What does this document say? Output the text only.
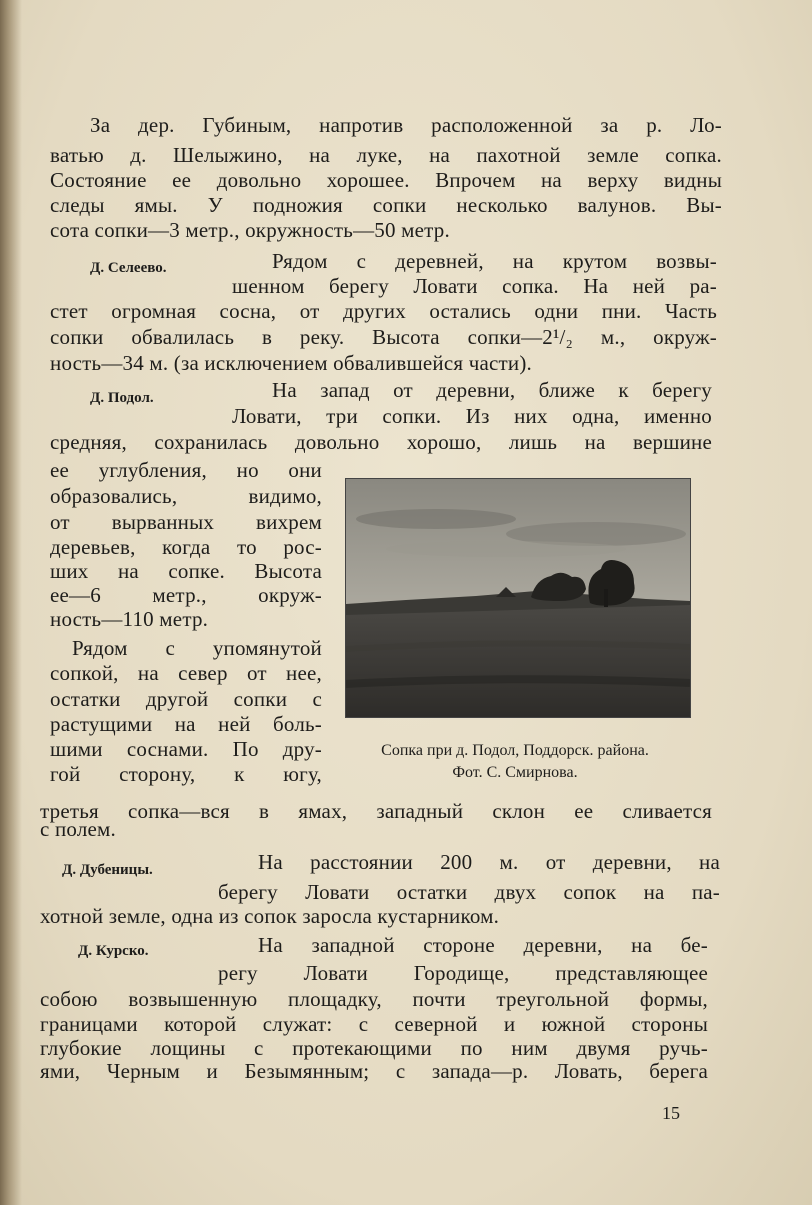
За дер. Губиным, напротив расположенной за р. Ло-
ватью д. Шелыжино, на луке, на пахотной земле сопка.
Состояние ее довольно хорошее. Впрочем на верху видны
следы ямы. У подножия сопки несколько валунов. Вы-
сота сопки—3 метр., окружность—50 метр.
Д. Селеево.	Рядом с деревней, на крутом возвы-
шенном берегу Ловати сопка. На ней ра-
стет огромная сосна, от других остались одни пни. Часть
сопки обвалилась в реку. Высота сопки—2¹/₂ м., окруж-
ность—34 м. (за исключением обвалившейся части).
Д. Подол.	На запад от деревни, ближе к берегу
Ловати, три сопки. Из них одна, именно
средняя, сохранилась довольно хорошо, лишь на вершине
ее углубления, но они
образовались, видимо,
от вырванных вихрем
деревьев, когда то рос-
ших на сопке. Высота
ее—6 метр., окруж-
ность—110 метр.
Рядом с упомянутой
сопкой, на север от нее,
остатки другой сопки с
растущими на ней боль-
шими соснами. По дру-
гой сторону, к югу,
Сопка при д. Подол, Поддорск. района.
Фот. С. Смирнова.
третья сопка—вся в ямах, западный склон ее сливается
с полем.
Д. Дубеницы.	На расстоянии 200 м. от деревни, на
берегу Ловати остатки двух сопок на па-
хотной земле, одна из сопок заросла кустарником.
Д. Курско.	На западной стороне деревни, на бе-
регу Ловати Городище, представляющее
собою возвышенную площадку, почти треугольной формы,
границами которой служат: с северной и южной стороны
глубокие лощины с протекающими по ним двумя ручь-
ями, Черным и Безымянным; с запада—р. Ловать, берега
15
